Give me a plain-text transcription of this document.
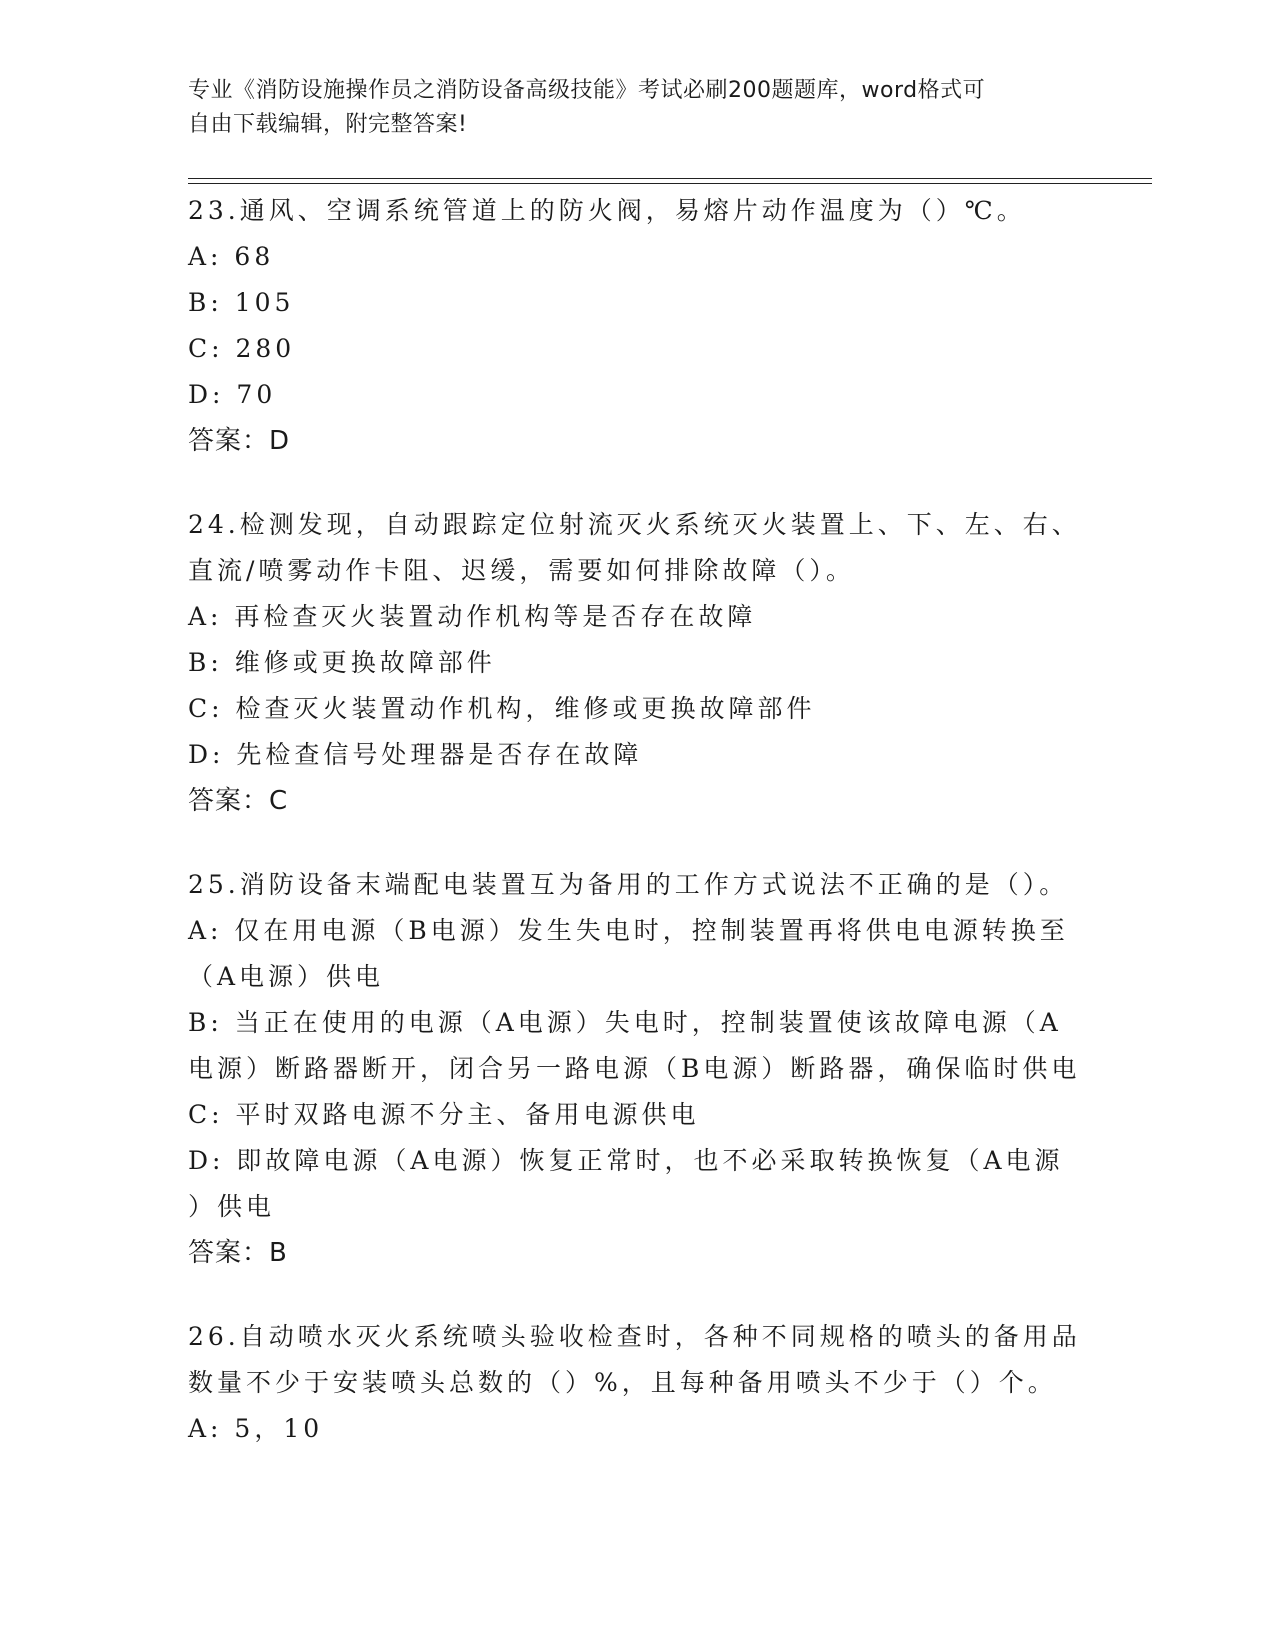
专业《消防设施操作员之消防设备高级技能》考试必刷200题题库，word格式可
自由下载编辑，附完整答案!
23.通风、空调系统管道上的防火阀，易熔片动作温度为（）℃。
A: 68
B: 105
C: 280
D: 70
答案：D
24.检测发现，自动跟踪定位射流灭火系统灭火装置上、下、左、右、
直流/喷雾动作卡阻、迟缓，需要如何排除故障（）。
A: 再检查灭火装置动作机构等是否存在故障
B: 维修或更换故障部件
C: 检查灭火装置动作机构，维修或更换故障部件
D: 先检查信号处理器是否存在故障
答案：C
25.消防设备末端配电装置互为备用的工作方式说法不正确的是（）。
A: 仅在用电源（B电源）发生失电时，控制装置再将供电电源转换至
（A电源）供电
B: 当正在使用的电源（A电源）失电时，控制装置使该故障电源（A
电源）断路器断开，闭合另一路电源（B电源）断路器，确保临时供电
C: 平时双路电源不分主、备用电源供电
D: 即故障电源（A电源）恢复正常时，也不必采取转换恢复（A电源
）供电
答案：B
26.自动喷水灭火系统喷头验收检查时，各种不同规格的喷头的备用品
数量不少于安装喷头总数的（）%，且每种备用喷头不少于（）个。
A: 5，10
